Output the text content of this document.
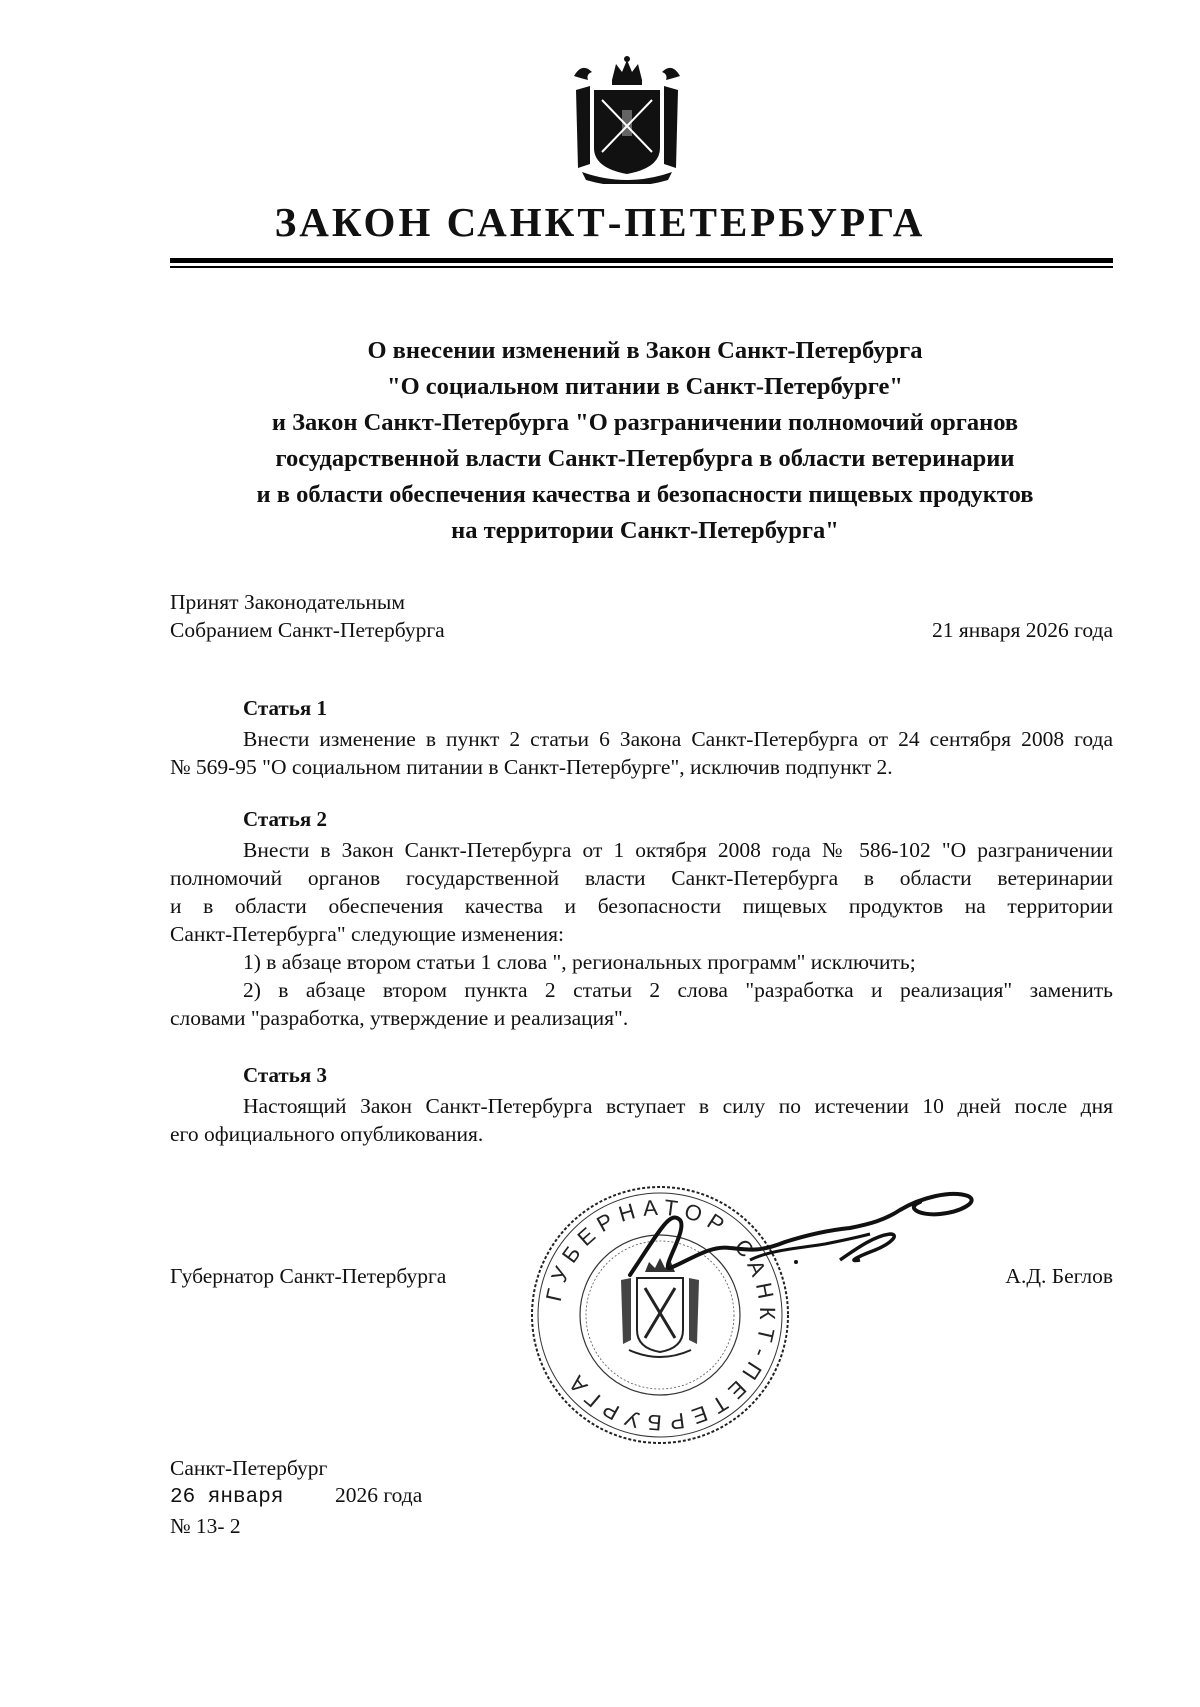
ЗАКОН САНКТ-ПЕТЕРБУРГА
О внесении изменений в Закон Санкт-Петербурга
"О социальном питании в Санкт-Петербурге"
и Закон Санкт-Петербурга "О разграничении полномочий органов
государственной власти Санкт-Петербурга в области ветеринарии
и в области обеспечения качества и безопасности пищевых продуктов
на территории Санкт-Петербурга"
Принят Законодательным
Собранием Санкт-Петербурга	21 января 2026 года
Статья 1
Внести изменение в пункт 2 статьи 6 Закона Санкт-Петербурга от 24 сентября 2008 года
№ 569-95 "О социальном питании в Санкт-Петербурге", исключив подпункт 2.
Статья 2
Внести в Закон Санкт-Петербурга от 1 октября 2008 года № 586-102 "О разграничении
полномочий органов государственной власти Санкт-Петербурга в области ветеринарии
и в области обеспечения качества и безопасности пищевых продуктов на территории
Санкт-Петербурга" следующие изменения:
1) в абзаце втором статьи 1 слова ", региональных программ" исключить;
2) в абзаце втором пункта 2 статьи 2 слова "разработка и реализация" заменить
словами "разработка, утверждение и реализация".
Статья 3
Настоящий Закон Санкт-Петербурга вступает в силу по истечении 10 дней после дня
его официального опубликования.
Губернатор Санкт-Петербурга	А.Д. Беглов
ГУБЕРНАТОР САНКТ-ПЕТЕРБУРГА
Санкт-Петербург
26 января 2026 года
№ 13- 2
